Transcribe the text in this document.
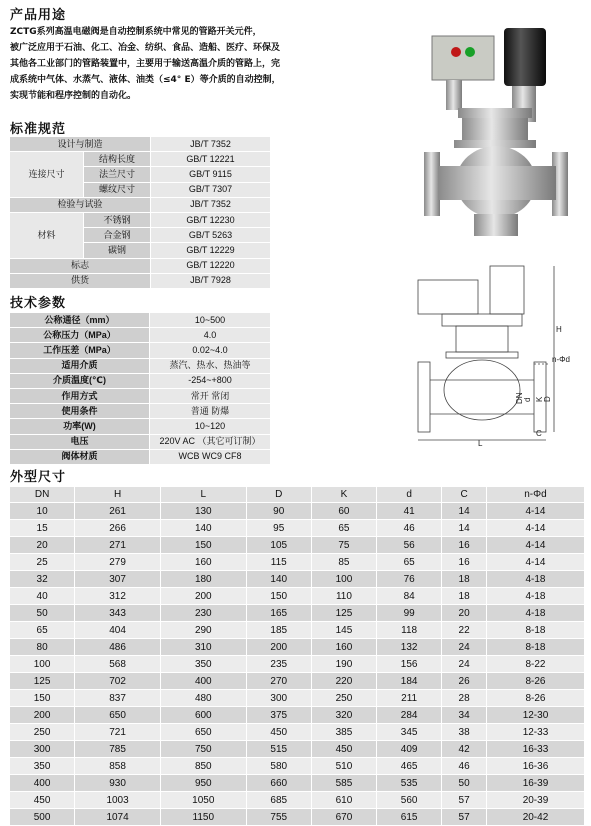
产品用途
ZCTG系列高温电磁阀是自动控制系统中常见的管路开关元件，
被广泛应用于石油、化工、冶金、纺织、食品、造船、医疗、环保及
其他各工业部门的管路装置中，主要用于输送高温介质的管路上，完
成系统中气体、水蒸气、液体、油类（≤4° E）等介质的自动控制，
实现节能和程序控制的自动化。
标准规范
设计与制造		JB/T 7352
连接尺寸	结构长度	GB/T 12221
	法兰尺寸	GB/T 9115
	螺纹尺寸	GB/T 7307
检验与试验		JB/T 7352
材料	不锈钢	GB/T 12230
	合金钢	GB/T 5263
	碳钢	GB/T 12229
标志		GB/T 12220
供货		JB/T 7928
技术参数
公称通径（mm）	10~500
公称压力（MPa）	4.0
工作压差（MPa）	0.02~4.0
适用介质	蒸汽、热水、热油等
介质温度(℃)	-254~+800
作用方式	常开 常闭
使用条件	普通 防爆
功率(W)	10~120
电压	220V AC （其它可订制）
阀体材质	WCB WC9 CF8
外型尺寸
DN	H	L	D	K	d	C	n-Φd
10	261	130	90	60	41	14	4-14
15	266	140	95	65	46	14	4-14
20	271	150	105	75	56	16	4-14
25	279	160	115	85	65	16	4-14
32	307	180	140	100	76	18	4-18
40	312	200	150	110	84	18	4-18
50	343	230	165	125	99	20	4-18
65	404	290	185	145	118	22	8-18
80	486	310	200	160	132	24	8-18
100	568	350	235	190	156	24	8-22
125	702	400	270	220	184	26	8-26
150	837	480	300	250	211	28	8-26
200	650	600	375	320	284	34	12-30
250	721	650	450	385	345	38	12-33
300	785	750	515	450	409	42	16-33
350	858	850	580	510	465	46	16-36
400	930	950	660	585	535	50	16-39
450	1003	1050	685	610	560	57	20-39
500	1074	1150	755	670	615	57	20-42
H
L
DN d K D
C
n-Φd
